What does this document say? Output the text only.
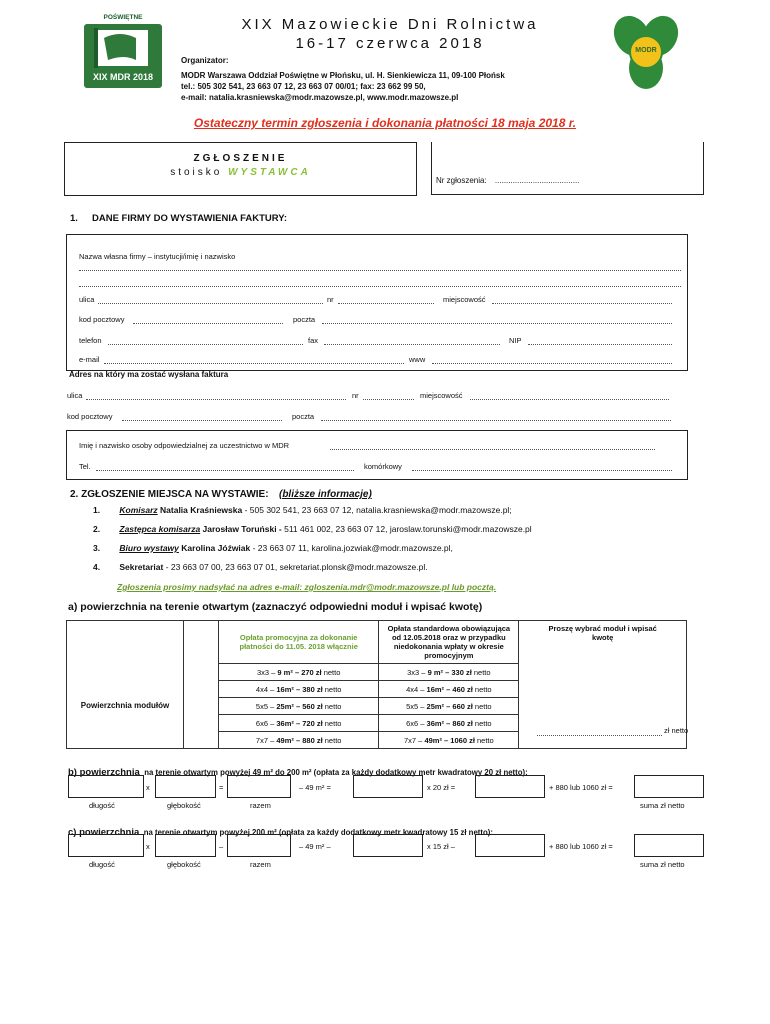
POŚWIĘTNE
XIX MDR 2018
MODR
XIX Mazowieckie Dni Rolnictwa
16-17 czerwca 2018
Organizator:
MODR Warszawa Oddział Poświętne w Płońsku, ul. H. Sienkiewicza 11, 09-100 Płońsk
tel.: 505 302 541, 23 663 07 12, 23 663 07 00/01; fax: 23 662 99 50,
e-mail: natalia.krasniewska@modr.mazowsze.pl, www.modr.mazowsze.pl
Ostateczny termin zgłoszenia i dokonania płatności 18 maja 2018 r.
ZGŁOSZENIE
stoisko WYSTAWCA
Nr zgłoszenia: ......................................
1. DANE FIRMY DO WYSTAWIENIA FAKTURY:
Nazwa własna firmy – instytucji/imię i nazwisko
ulica	nr	miejscowość
kod pocztowy	poczta
telefon	fax	NIP
e-mail	www
Adres na który ma zostać wysłana faktura
ulica	nr	miejscowość
kod pocztowy	poczta
Imię i nazwisko osoby odpowiedzialnej za uczestnictwo w MDR
Tel.	komórkowy
2. ZGŁOSZENIE MIEJSCA NA WYSTAWIE: (bliższe informacje)
1. Komisarz Natalia Kraśniewska - 505 302 541, 23 663 07 12, natalia.krasniewska@modr.mazowsze.pl;
2. Zastępca komisarza Jarosław Toruński - 511 461 002, 23 663 07 12, jaroslaw.torunski@modr.mazowsze.pl
3. Biuro wystawy Karolina Jóźwiak - 23 663 07 11, karolina.jozwiak@modr.mazowsze.pl,
4. Sekretariat - 23 663 07 00, 23 663 07 01, sekretariat.plonsk@modr.mazowsze.pl.
Zgłoszenia prosimy nadsyłać na adres e-mail: zgloszenia.mdr@modr.mazowsze.pl lub pocztą.
a) powierzchnia na terenie otwartym (zaznaczyć odpowiedni moduł i wpisać kwotę)
		Opłata promocyjna za dokonanie płatności do 11.05. 2018 włącznie	Opłata standardowa obowiązująca od 12.05.2018 oraz w przypadku niedokonania wpłaty w okresie promocyjnym	Proszę wybrać moduł i wpisać kwotę
Powierzchnia modułów		3x3 – 9 m² – 270 zł netto	3x3 – 9 m² – 330 zł netto	
		4x4 – 16m² – 380 zł netto	4x4 – 16m² – 460 zł netto	
		5x5 – 25m² – 560 zł netto	5x5 – 25m² – 660 zł netto	
		6x6 – 36m² – 720 zł netto	6x6 – 36m² – 860 zł netto	
		7x7 – 49m² – 880 zł netto	7x7 – 49m² – 1060 zł netto	
zł netto
b) powierzchnia na terenie otwartym powyżej 49 m² do 200 m² (opłata za każdy dodatkowy metr kwadratowy 20 zł netto):
x	=	– 49 m² =	x 20 zł =	+ 880 lub 1060 zł =
długość	głębokość	razem	suma zł netto
c) powierzchnia na terenie otwartym powyżej 200 m² (opłata za każdy dodatkowy metr kwadratowy 15 zł netto):
x	–	– 49 m² –	x 15 zł –	+ 880 lub 1060 zł =
długość	głębokość	razem	suma zł netto
